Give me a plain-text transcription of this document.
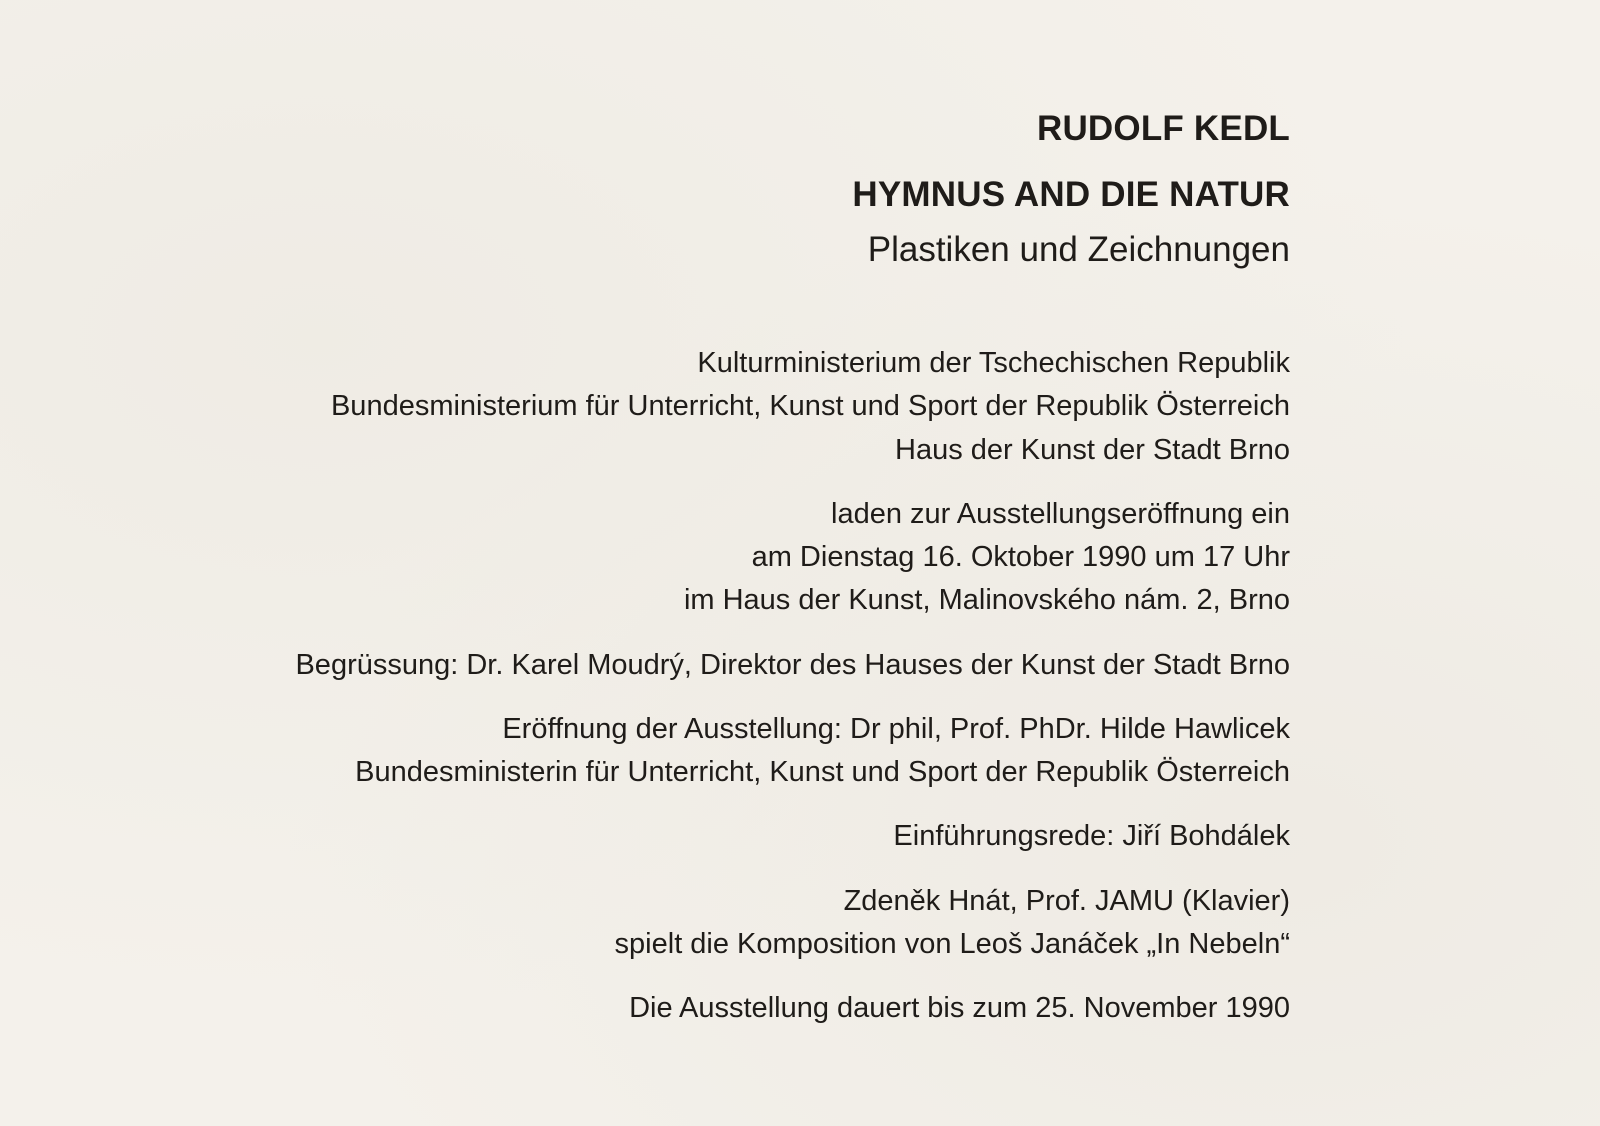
RUDOLF KEDL
HYMNUS AND DIE NATUR
Plastiken und Zeichnungen
Kulturministerium der Tschechischen Republik
Bundesministerium für Unterricht, Kunst und Sport der Republik Österreich
Haus der Kunst der Stadt Brno
laden zur Ausstellungseröffnung ein
am Dienstag 16. Oktober 1990 um 17 Uhr
im Haus der Kunst, Malinovského nám. 2, Brno
Begrüssung: Dr. Karel Moudrý, Direktor des Hauses der Kunst der Stadt Brno
Eröffnung der Ausstellung: Dr phil, Prof. PhDr. Hilde Hawlicek
Bundesministerin für Unterricht, Kunst und Sport der Republik Österreich
Einführungsrede: Jiří Bohdálek
Zdeněk Hnát, Prof. JAMU (Klavier)
spielt die Komposition von Leoš Janáček „In Nebeln“
Die Ausstellung dauert bis zum 25. November 1990
